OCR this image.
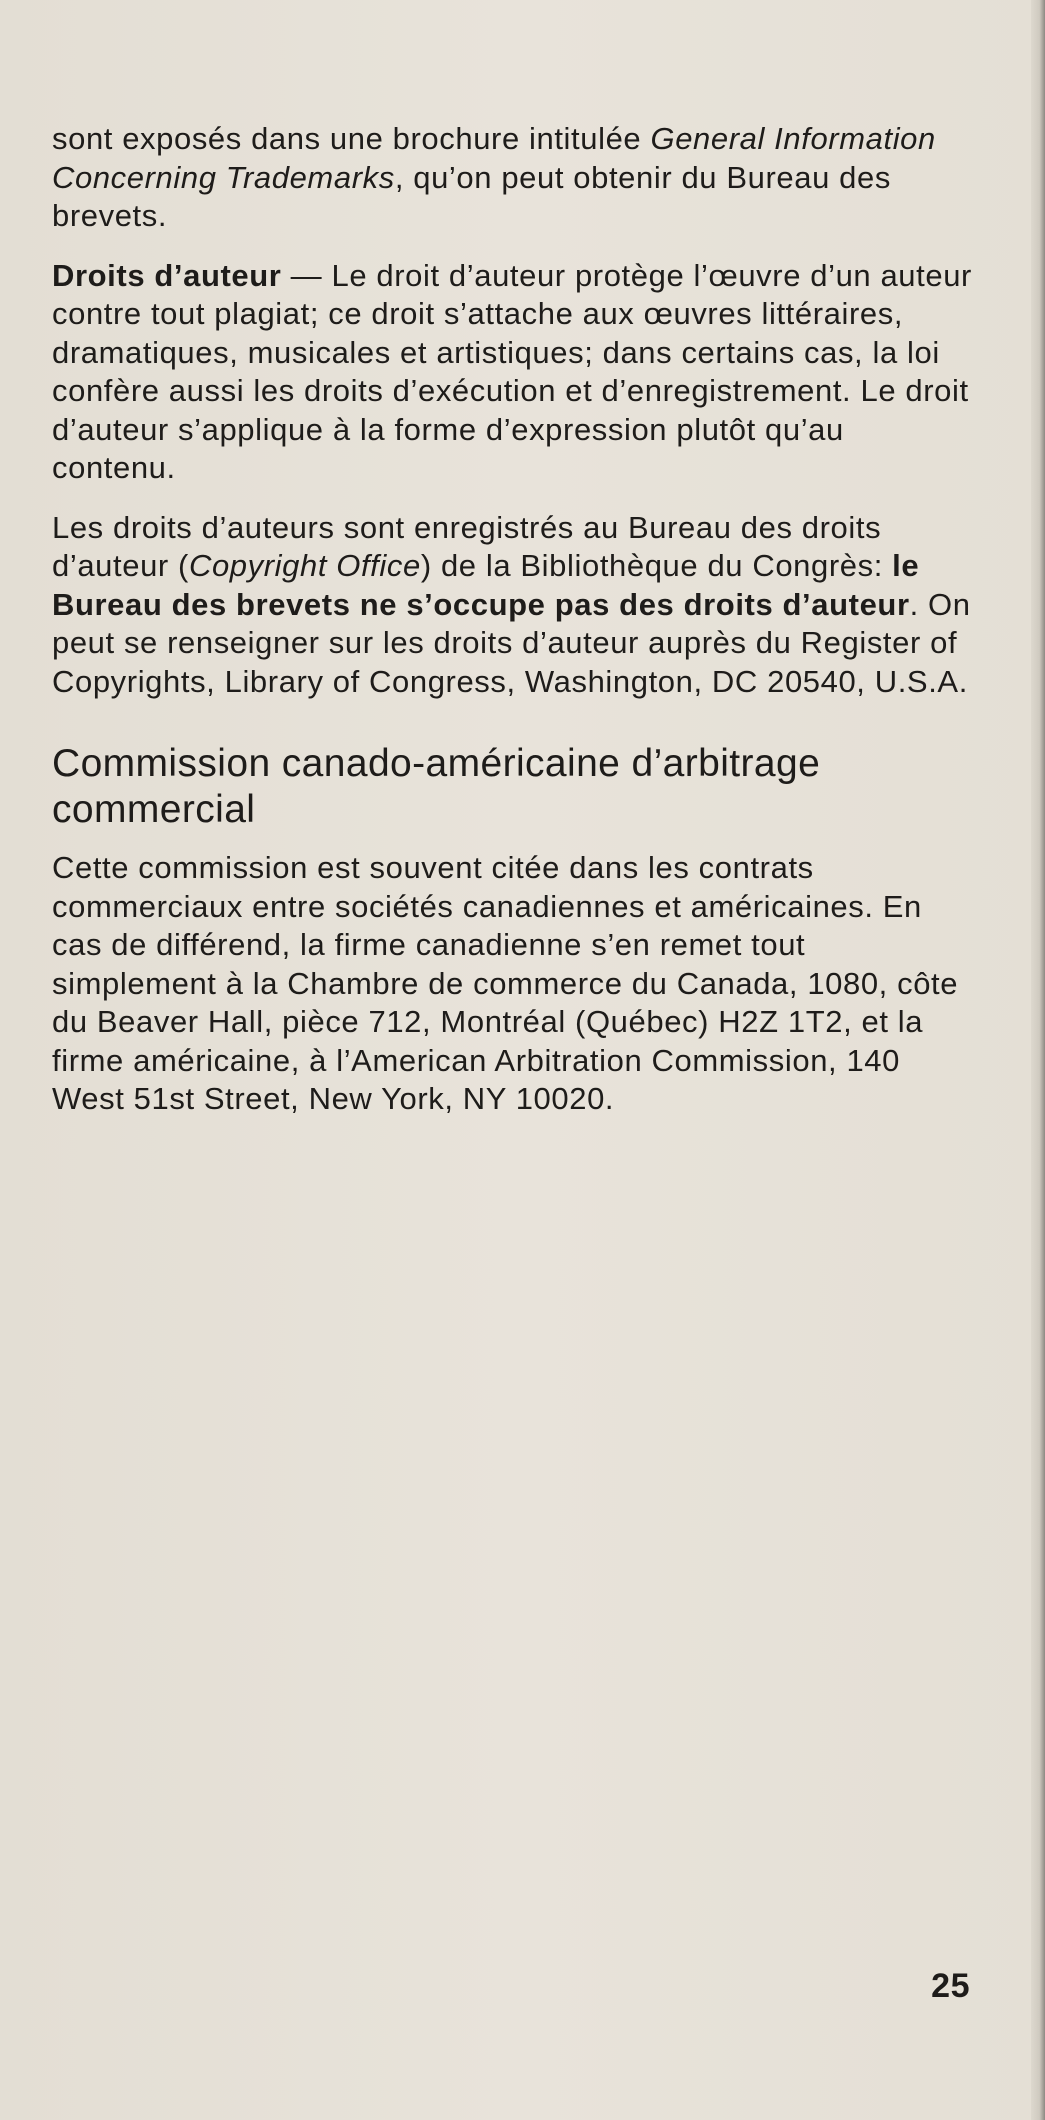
sont exposés dans une brochure intitulée General Information Concerning Trademarks, qu’on peut obtenir du Bureau des brevets.

Droits d’auteur — Le droit d’auteur protège l’œuvre d’un auteur contre tout plagiat; ce droit s’attache aux œuvres littéraires, dramatiques, musicales et artistiques; dans certains cas, la loi confère aussi les droits d’exécution et d’enregistrement. Le droit d’auteur s’applique à la forme d’expression plutôt qu’au contenu.

Les droits d’auteurs sont enregistrés au Bureau des droits d’auteur (Copyright Office) de la Bibliothèque du Congrès: le Bureau des brevets ne s’occupe pas des droits d’auteur. On peut se renseigner sur les droits d’auteur auprès du Register of Copyrights, Library of Congress, Washington, DC 20540, U.S.A.

Commission canado-américaine d’arbitrage commercial

Cette commission est souvent citée dans les contrats commerciaux entre sociétés canadiennes et américaines. En cas de différend, la firme canadienne s’en remet tout simplement à la Chambre de commerce du Canada, 1080, côte du Beaver Hall, pièce 712, Montréal (Québec) H2Z 1T2, et la firme américaine, à l’American Arbitration Commission, 140 West 51st Street, New York, NY 10020.

25
